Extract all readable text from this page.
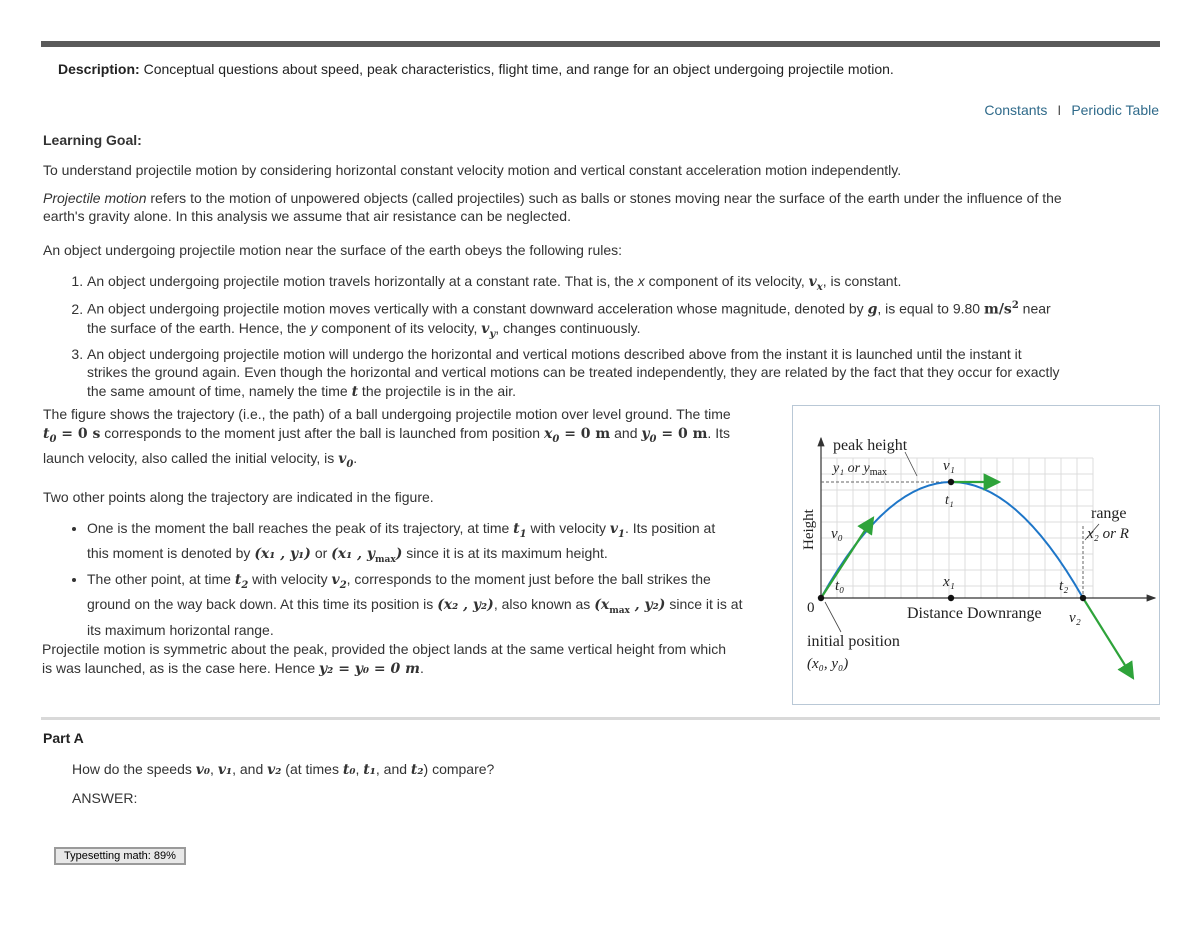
Description: Conceptual questions about speed, peak characteristics, flight time, and range for an object undergoing projectile motion.
Constants I Periodic Table
Learning Goal:
To understand projectile motion by considering horizontal constant velocity motion and vertical constant acceleration motion independently.
Projectile motion refers to the motion of unpowered objects (called projectiles) such as balls or stones moving near the surface of the earth under the influence of the
earth's gravity alone. In this analysis we assume that air resistance can be neglected.
An object undergoing projectile motion near the surface of the earth obeys the following rules:
1. An object undergoing projectile motion travels horizontally at a constant rate. That is, the x component of its velocity, $v_x$, is constant.
2. An object undergoing projectile motion moves vertically with a constant downward acceleration whose magnitude, denoted by g, is equal to 9.80 $m/s^2$ near
the surface of the earth. Hence, the y component of its velocity, $v_y$, changes continuously.
3. An object undergoing projectile motion will undergo the horizontal and vertical motions described above from the instant it is launched until the instant it
strikes the ground again. Even though the horizontal and vertical motions can be treated independently, they are related by the fact that they occur for exactly
the same amount of time, namely the time t the projectile is in the air.

The figure shows the trajectory (i.e., the path) of a ball undergoing projectile motion over level ground. The time
$t_0 = 0$ s corresponds to the moment just after the ball is launched from position $x_0 = 0$ m and $y_0 = 0$ m. Its
launch velocity, also called the initial velocity, is $v_0$.

Two other points along the trajectory are indicated in the figure.

• One is the moment the ball reaches the peak of its trajectory, at time $t_1$ with velocity $v_1$. Its position at
this moment is denoted by (x₁ , y₁) or (x₁ , $y_{max}$) since it is at its maximum height.
• The other point, at time $t_2$ with velocity $v_2$, corresponds to the moment just before the ball strikes the
ground on the way back down. At this time its position is (x₂ , y₂), also known as ($x_{max}$ , y₂) since it is at
its maximum horizontal range.
Projectile motion is symmetric about the peak, provided the object lands at the same vertical height from which
is was launched, as is the case here. Hence y₂ = y₀ = 0 m.
peak height
y₁ or $y_{max}$	v₁
t₁
Height v₀
range
x₂ or R
t₀	x₁	t₂
0	Distance Downrange v₂
initial position
(x₀, y₀)
Part A
How do the speeds v₀, v₁, and v₂ (at times t₀, t₁, and t₂) compare?
ANSWER:
Typesetting math: 89%
